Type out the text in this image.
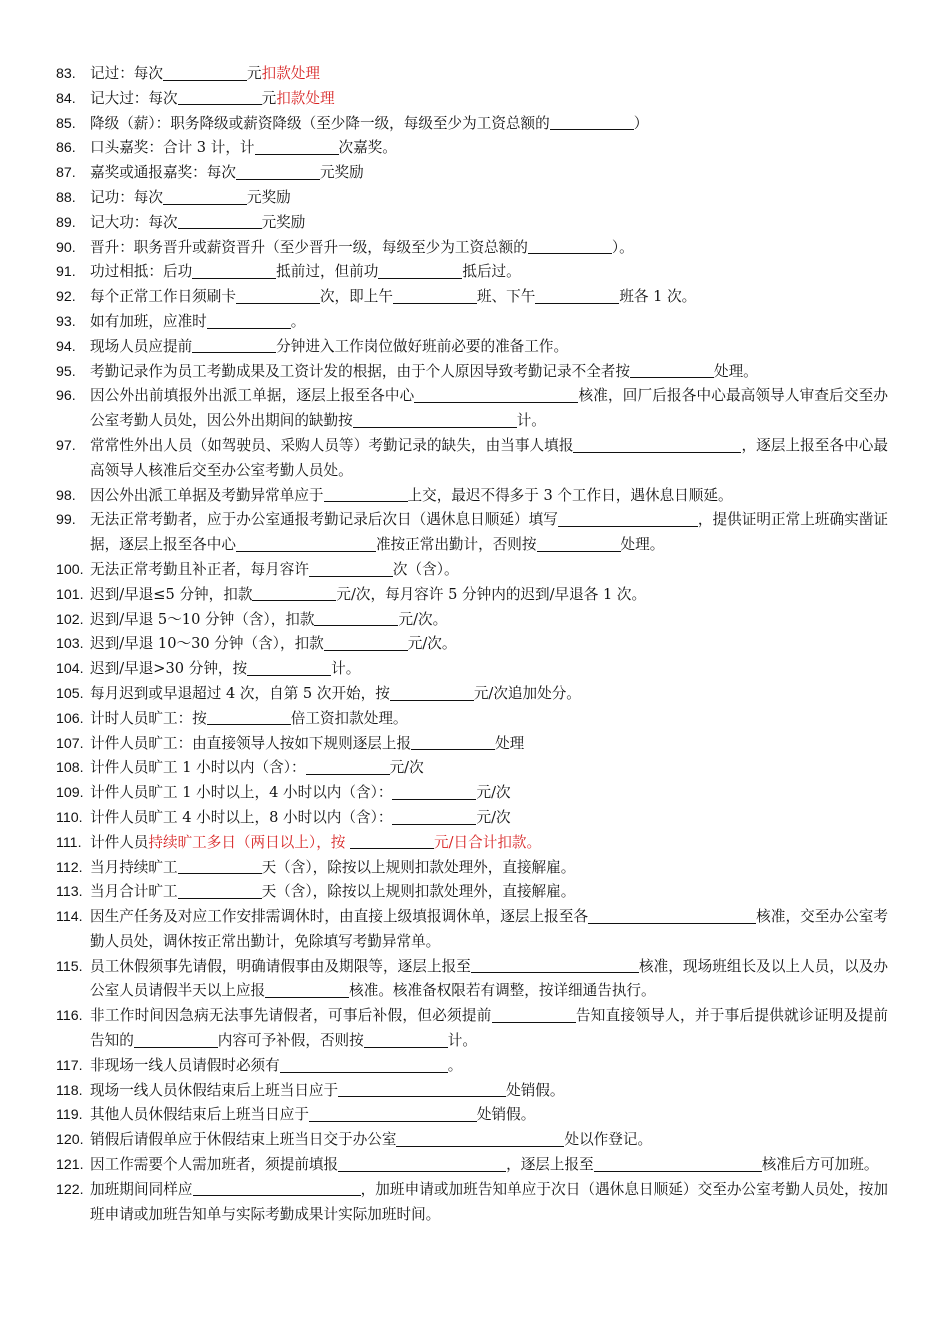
83. 记过：每次	元扣款处理
84. 记大过：每次	元扣款处理
85. 降级（薪）：职务降级或薪资降级（至少降一级，每级至少为工资总额的	）
86. 口头嘉奖：合计 3 计，计	次嘉奖。
87. 嘉奖或通报嘉奖：每次	元奖励
88. 记功：每次	元奖励
89. 记大功：每次	元奖励
90. 晋升：职务晋升或薪资晋升（至少晋升一级，每级至少为工资总额的	）。
91. 功过相抵：后功	抵前过，但前功	抵后过。
92. 每个正常工作日须刷卡	次，即上午	班、下午	班各 1 次。
93. 如有加班，应准时	。
94. 现场人员应提前	分钟进入工作岗位做好班前必要的准备工作。
95. 考勤记录作为员工考勤成果及工资计发的根据，由于个人原因导致考勤记录不全者按	处理。
96. 因公外出前填报外出派工单据，逐层上报至各中心	核准，回厂后报各中心最高领导人审查后交至办公室考勤人员处，因公外出期间的缺勤按	计。
97. 常常性外出人员（如驾驶员、采购人员等）考勤记录的缺失，由当事人填报	，逐层上报至各中心最高领导人核准后交至办公室考勤人员处。
98. 因公外出派工单据及考勤异常单应于	上交，最迟不得多于 3 个工作日，遇休息日顺延。
99. 无法正常考勤者，应于办公室通报考勤记录后次日（遇休息日顺延）填写	，提供证明正常上班确实凿证据，逐层上报至各中心	准按正常出勤计，否则按	处理。
100. 无法正常考勤且补正者，每月容许	次（含）。
101. 迟到/早退≤5 分钟，扣款	元/次，每月容许 5 分钟内的迟到/早退各 1 次。
102. 迟到/早退 5～10 分钟（含），扣款	元/次。
103. 迟到/早退 10～30 分钟（含），扣款	元/次。
104. 迟到/早退>30 分钟，按	计。
105. 每月迟到或早退超过 4 次，自第 5 次开始，按	元/次追加处分。
106. 计时人员旷工：按	倍工资扣款处理。
107. 计件人员旷工：由直接领导人按如下规则逐层上报	处理
108. 计件人员旷工 1 小时以内（含）：	元/次
109. 计件人员旷工 1 小时以上，4 小时以内（含）：	元/次
110. 计件人员旷工 4 小时以上，8 小时以内（含）：	元/次
111. 计件人员持续旷工多日（两日以上），按	元/日合计扣款。
112. 当月持续旷工	天（含），除按以上规则扣款处理外，直接解雇。
113. 当月合计旷工	天（含），除按以上规则扣款处理外，直接解雇。
114. 因生产任务及对应工作安排需调休时，由直接上级填报调休单，逐层上报至各	核准，交至办公室考勤人员处，调休按正常出勤计，免除填写考勤异常单。
115. 员工休假须事先请假，明确请假事由及期限等，逐层上报至	核准，现场班组长及以上人员，以及办公室人员请假半天以上应报	核准。核准备权限若有调整，按详细通告执行。
116. 非工作时间因急病无法事先请假者，可事后补假，但必须提前	告知直接领导人，并于事后提供就诊证明及提前告知的	内容可予补假，否则按	计。
117. 非现场一线人员请假时必须有	。
118. 现场一线人员休假结束后上班当日应于	处销假。
119. 其他人员休假结束后上班当日应于	处销假。
120. 销假后请假单应于休假结束上班当日交于办公室	处以作登记。
121. 因工作需要个人需加班者，须提前填报	，逐层上报至	核准后方可加班。
122. 加班期间同样应	，加班申请或加班告知单应于次日（遇休息日顺延）交至办公室考勤人员处，按加班申请或加班告知单与实际考勤成果计实际加班时间。
